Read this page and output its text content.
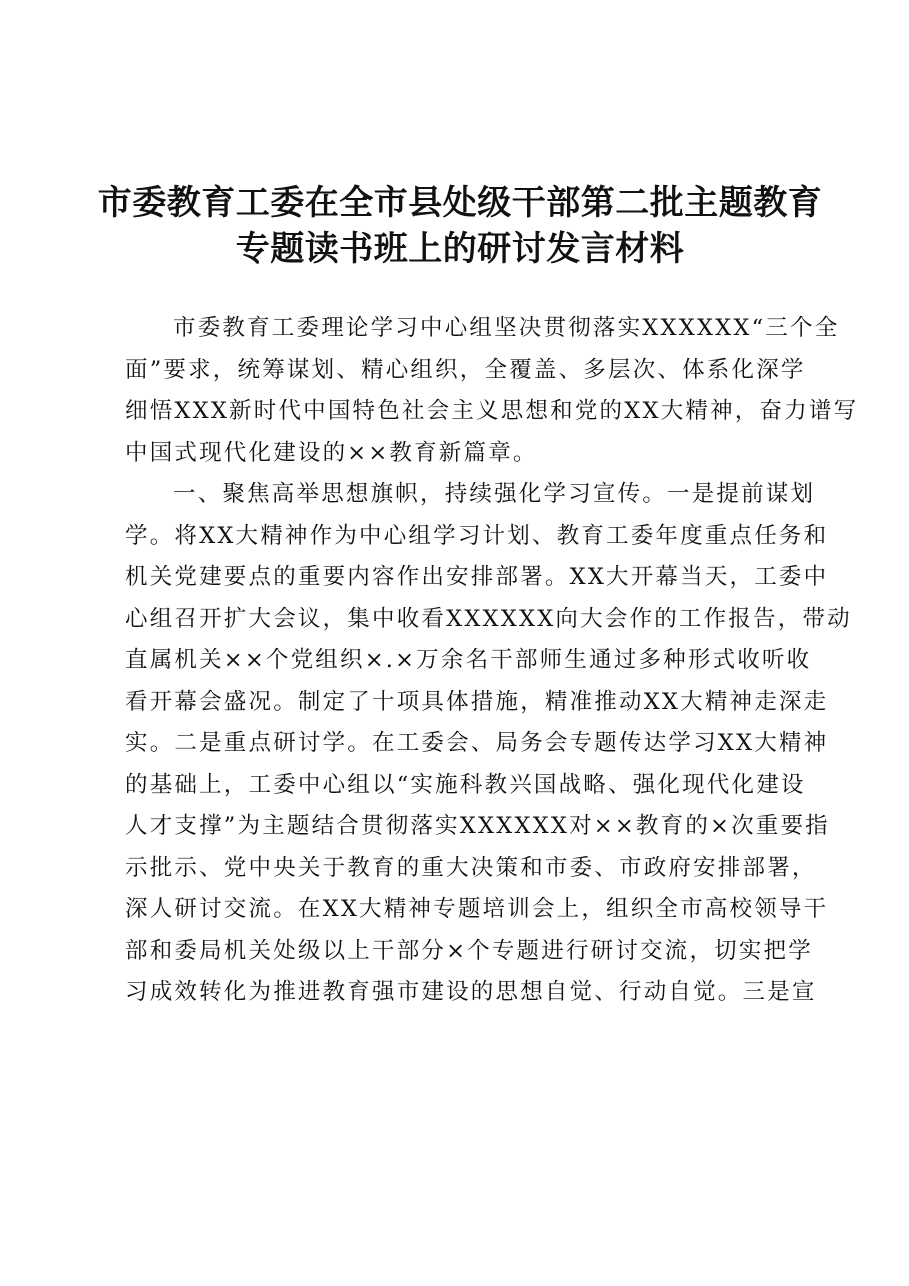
市委教育工委在全市县处级干部第二批主题教育
专题读书班上的研讨发言材料
市委教育工委理论学习中心组坚决贯彻落实XXXXXX“三个全
面”要求，统筹谋划、精心组织，全覆盖、多层次、体系化深学
细悟XXX新时代中国特色社会主义思想和党的XX大精神，奋力谱写
中国式现代化建设的××教育新篇章。
一、聚焦高举思想旗帜，持续强化学习宣传。一是提前谋划
学。将XX大精神作为中心组学习计划、教育工委年度重点任务和
机关党建要点的重要内容作出安排部署。XX大开幕当天，工委中
心组召开扩大会议，集中收看XXXXXX向大会作的工作报告，带动
直属机关××个党组织×.×万余名干部师生通过多种形式收听收
看开幕会盛况。制定了十项具体措施，精准推动XX大精神走深走
实。二是重点研讨学。在工委会、局务会专题传达学习XX大精神
的基础上，工委中心组以“实施科教兴国战略、强化现代化建设
人才支撑”为主题结合贯彻落实XXXXXX对××教育的×次重要指
示批示、党中央关于教育的重大决策和市委、市政府安排部署，
深人研讨交流。在XX大精神专题培训会上，组织全市高校领导干
部和委局机关处级以上干部分×个专题进行研讨交流，切实把学
习成效转化为推进教育强市建设的思想自觉、行动自觉。三是宣
